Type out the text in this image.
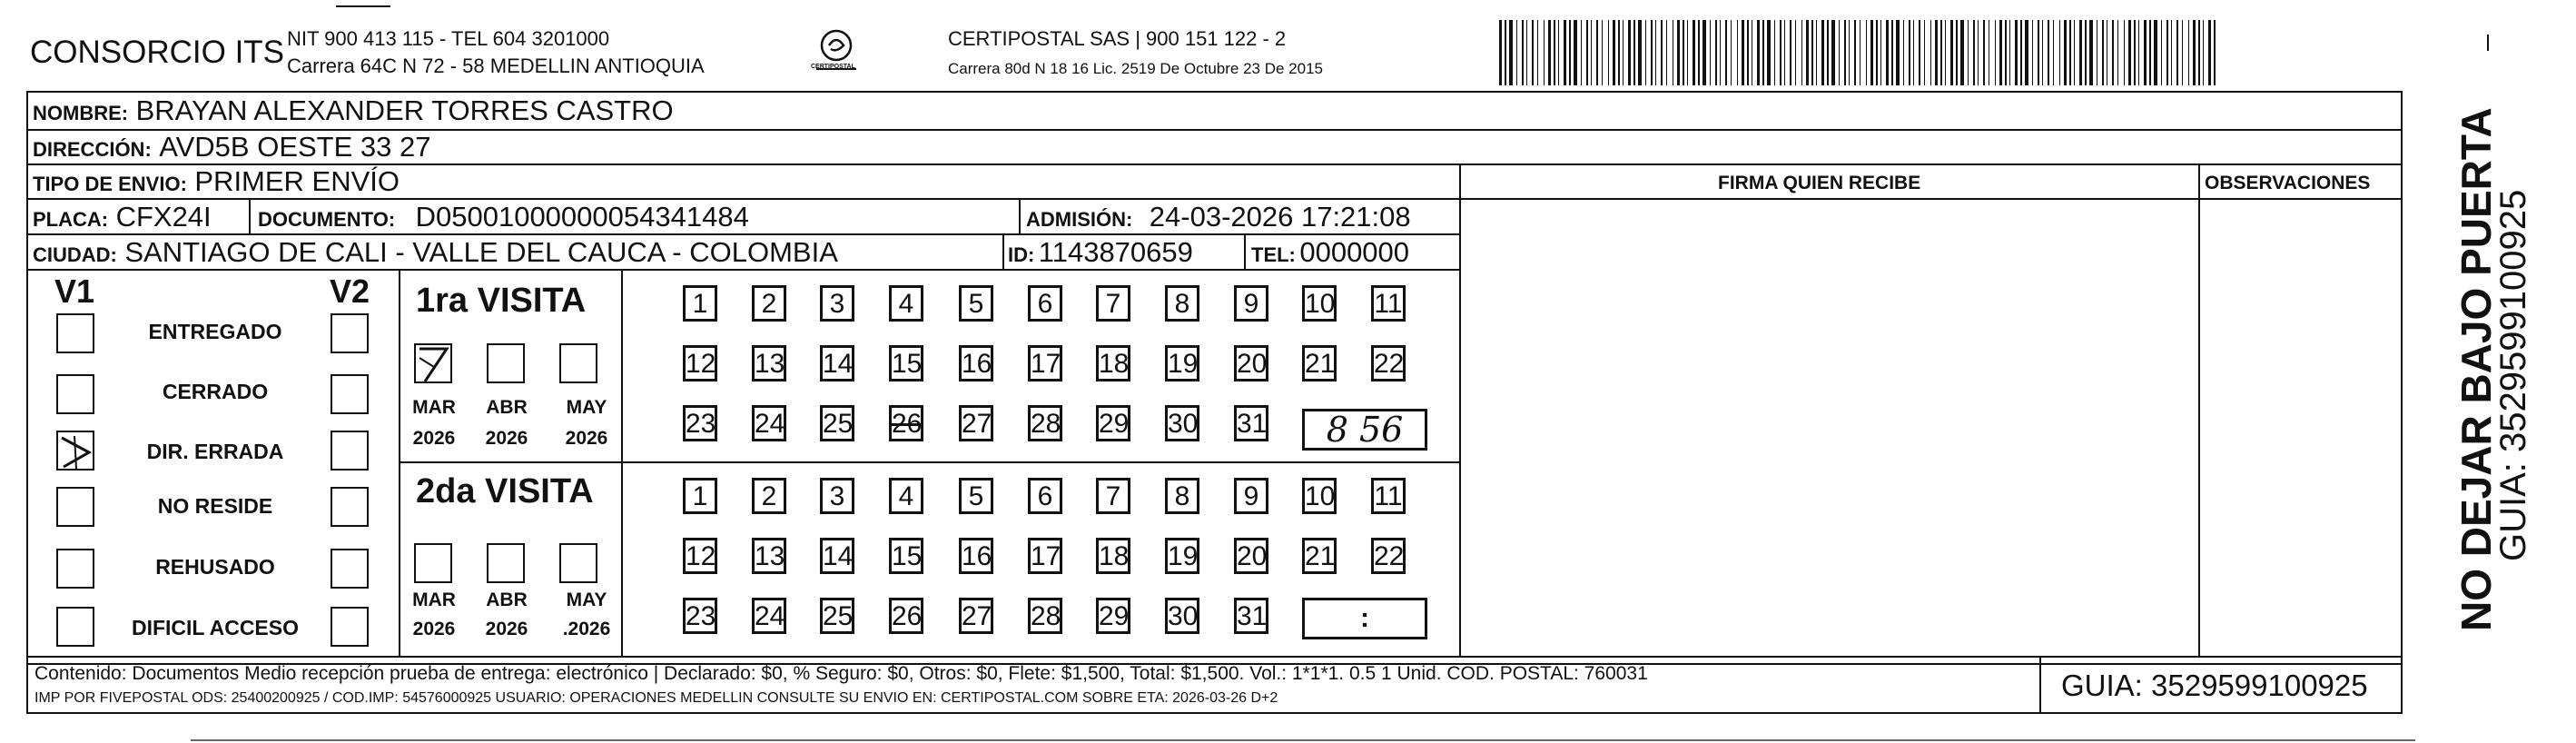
CONSORCIO ITS NIT 900 413 115 - TEL 604 3201000
Carrera 64C N 72 - 58 MEDELLIN ANTIOQUIA	CERTIPOSTAL
CERTIPOSTAL SAS | 900 151 122 - 2
Carrera 80d N 18 16 Lic. 2519 De Octubre 23 De 2015
FIRMA QUIEN RECIBE	OBSERVACIONES
NOMBRE: BRAYAN ALEXANDER TORRES CASTRO
DIRECCIÓN: AVD5B OESTE 33 27
TIPO DE ENVIO: PRIMER ENVÍO
PLACA: CFX24I DOCUMENTO: D05001000000054341484	ADMISIÓN: 24-03-2026 17:21:08
CIUDAD: SANTIAGO DE CALI - VALLE DEL CAUCA - COLOMBIA	ID: 1143870659	TEL: 0000000
V1	V2
ENTREGADO
CERRADO
DIR. ERRADA
NO RESIDE
REHUSADO
DIFICIL ACCESO
1ra VISITA
MAR	ABR	MAY
2026	2026	2026
2da VISITA
MAR	ABR	MAY
2026	2026	.2026
1	2	3	4	5	6	7	8	9	10 11
12 13 14 15 16 17 18 19 20 21 22
23 24 25 26 27 28 29 30 31
1	2	3	4	5	6	7	8	9	10 11
12 13 14 15 16 17 18 19 20 21 22
23 24 25 26 27 28 29 30 31
8 56
:
Contenido: Documentos Medio recepción prueba de entrega: electrónico | Declarado: $0, % Seguro: $0, Otros: $0, Flete: $1,500, Total: $1,500. Vol.: 1*1*1. 0.5 1 Unid. COD. POSTAL: 760031
IMP POR FIVEPOSTAL ODS: 25400200925 / COD.IMP: 54576000925 USUARIO: OPERACIONES MEDELLIN CONSULTE SU ENVIO EN: CERTIPOSTAL.COM SOBRE ETA: 2026-03-26 D+2	GUIA: 3529599100925
NO DEJAR BAJO PUERTA
GUIA: 3529599100925
